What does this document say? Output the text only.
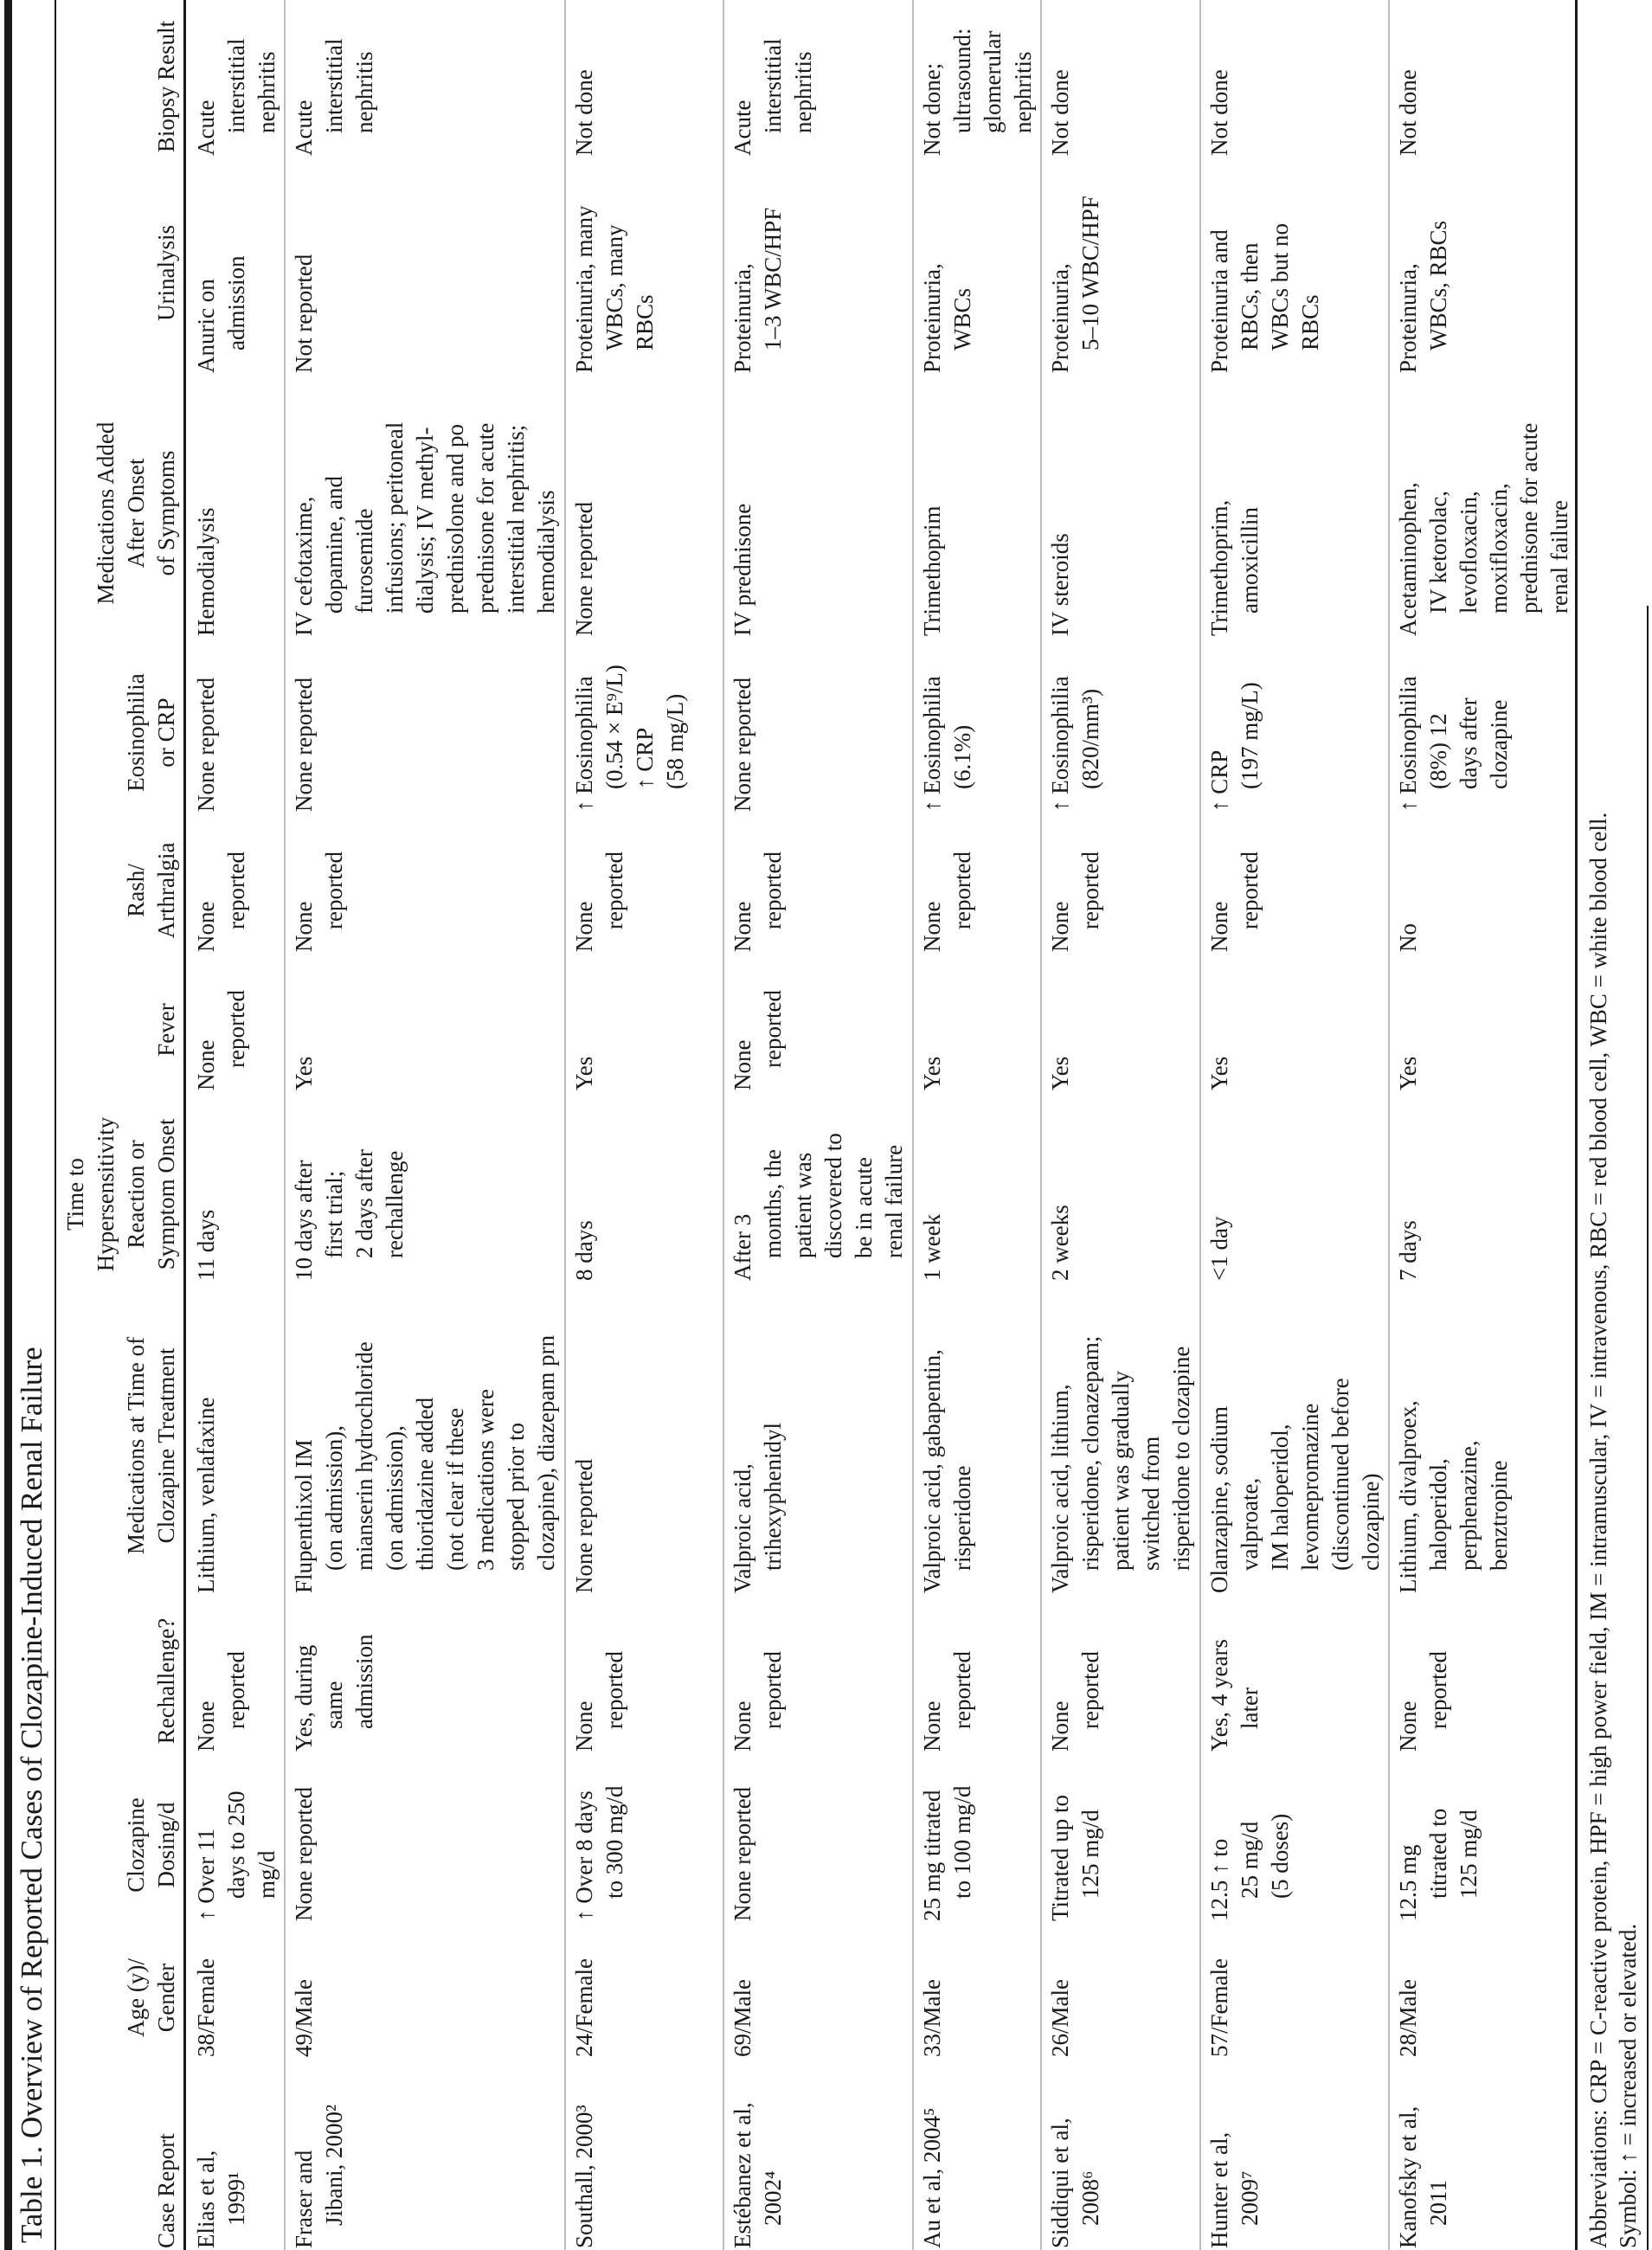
Table 1. Overview of Reported Cases of Clozapine-Induced Renal Failure	Case Report
Age (y)/ Gender
Clozapine Dosing/d
Rechallenge?
Medications at Time of Clozapine Treatment
Time to Hypersensitivity Reaction or Symptom Onset
Fever
Rash/ Arthralgia
Eosinophilia or CRP
Medications Added After Onset of Symptoms
Urinalysis
Biopsy Result
Elias et al, 1999¹
38/Female
↑ Over 11 days to 250 mg/d
None reported
Lithium, venlafaxine
11 days
None reported
None reported
None reported
Hemodialysis
Anuric on admission
Acute interstitial nephritis
Fraser and Jibani, 2000²
49/Male
None reported
Yes, during same admission
Flupenthixol IM (on admission), mianserin hydrochloride (on admission), thioridazine added (not clear if these 3 medications were stopped prior to clozapine), diazepam prn
10 days after first trial; 2 days after rechallenge
Yes
None reported
None reported
IV cefotaxime, dopamine, and furosemide infusions; peritoneal dialysis; IV methyl- prednisolone and po prednisone for acute interstitial nephritis; hemodialysis
Not reported
Acute interstitial nephritis
Southall, 2000³
24/Female
↑ Over 8 days to 300 mg/d
None reported
None reported
8 days
Yes
None reported
↑ Eosinophilia (0.54 × E⁹/L) ↑ CRP (58 mg/L)
None reported
Proteinuria, many WBCs, many RBCs
Not done
Estébanez et al, 2002⁴
69/Male
None reported
None reported
Valproic acid, trihexyphenidyl
After 3 months, the patient was discovered to be in acute renal failure
None reported
None reported
None reported
IV prednisone
Proteinuria, 1–3 WBC/HPF
Acute interstitial nephritis
Au et al, 2004⁵
33/Male
25 mg titrated to 100 mg/d
None reported
Valproic acid, gabapentin, risperidone
1 week
Yes
None reported
↑ Eosinophilia (6.1%)
Trimethoprim
Proteinuria, WBCs
Not done; ultrasound: glomerular nephritis
Siddiqui et al, 2008⁶
26/Male
Titrated up to 125 mg/d
None reported
Valproic acid, lithium, risperidone, clonazepam; patient was gradually switched from risperidone to clozapine
2 weeks
Yes
None reported
↑ Eosinophilia (820/mm³)
IV steroids
Proteinuria, 5–10 WBC/HPF
Not done
Hunter et al, 2009⁷
57/Female
12.5 ↑ to 25 mg/d (5 doses)
Yes, 4 years later
Olanzapine, sodium valproate, IM haloperidol, levomepromazine (discontinued before clozapine)
<1 day
Yes
None reported
↑ CRP (197 mg/L)
Trimethoprim, amoxicillin
Proteinuria and RBCs, then WBCs but no RBCs
Not done
Kanofsky et al, 2011
28/Male
12.5 mg titrated to 125 mg/d
None reported
Lithium, divalproex, haloperidol, perphenazine, benztropine
7 days
Yes
No
↑ Eosinophilia (8%) 12 days after clozapine
Acetaminophen, IV ketorolac, levofloxacin, moxifloxacin, prednisone for acute renal failure
Proteinuria, WBCs, RBCs
Not done
Abbreviations: CRP = C-reactive protein, HPF = high power field, IM = intramuscular, IV = intravenous, RBC = red blood cell, WBC = white blood cell. Symbol: ↑ = increased or elevated.
